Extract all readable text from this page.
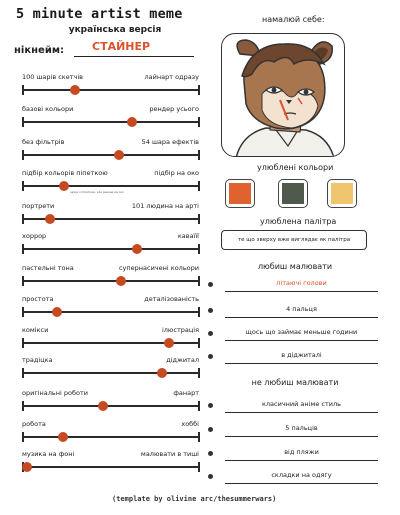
5 minute artist meme
українська версія
нікнейм:	СТАЙНЕР
100 шарів скетчів	лайнарт одразу
базові кольори	рендер усього
без фільтрів	54 шара ефектів
підбір кольорів піпеткою	підбір на око
зараз з піпеткою, але раніше на око
портрети	101 людина на арті
хоррор	каваїїї
пастельні тона	супернасичені кольори
простота	деталізованість
комікси	ілюстрація
традіцка	діджитал
оригінальні роботи	фанарт
робота	хоббі
музика на фоні	малювати в тиші
намалюй себе:
улюблені кольори
улюблена палітра
те що зверху вже виглядає як палітра
любиш малювати
літаючі голови
4 пальця
щось що займає меньше години
в діджиталі
не любиш малювати
класичний аніме стиль
5 пальців
від пляжи
складки на одягу
(template by olivine arc/thesummerwars)
